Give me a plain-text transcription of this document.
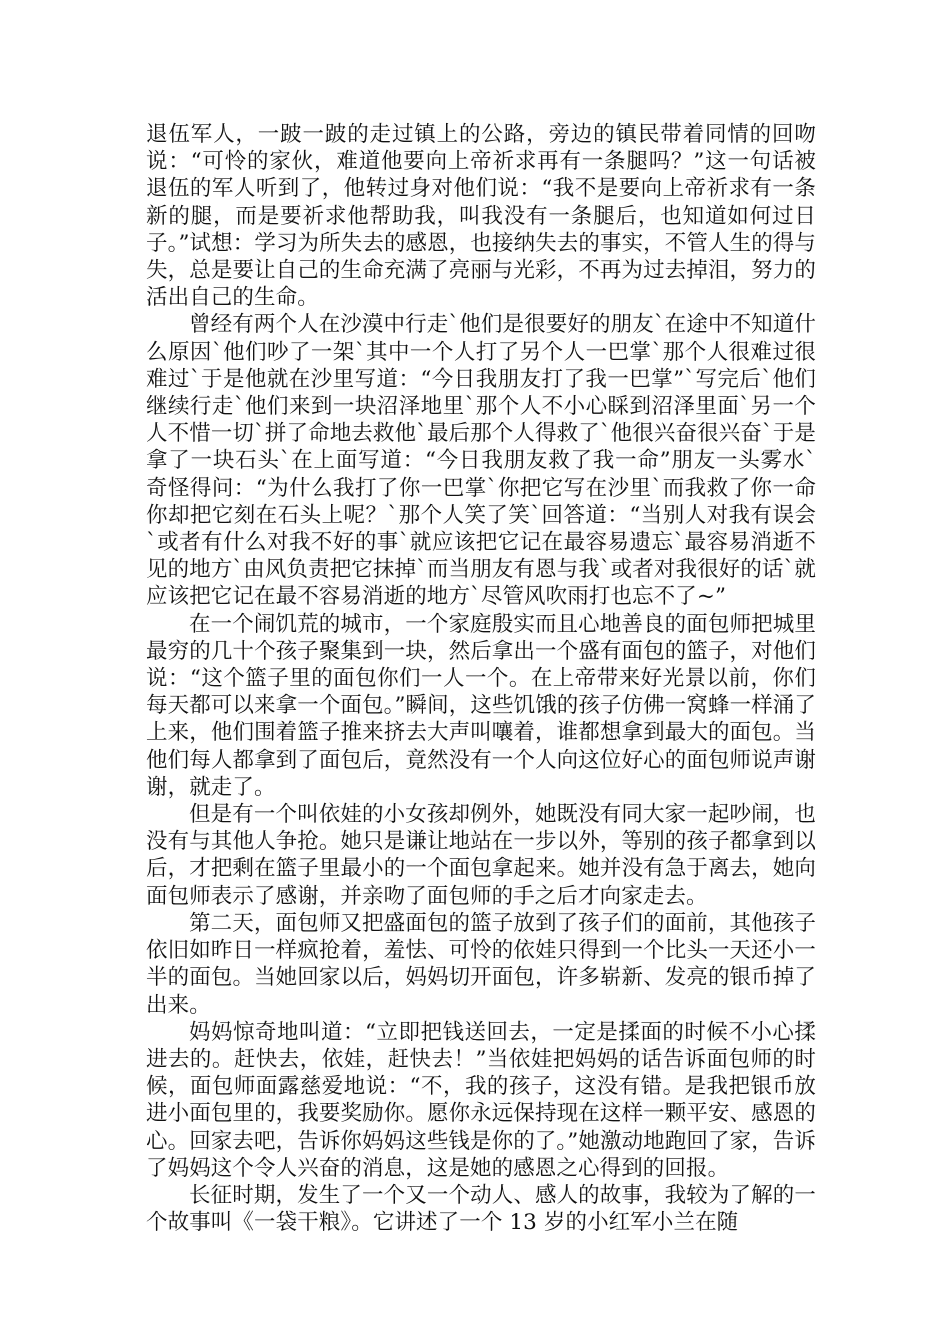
退伍军人，一跛一跛的走过镇上的公路，旁边的镇民带着同情的回吻说：“可怜的家伙，难道他要向上帝祈求再有一条腿吗？”这一句话被退伍的军人听到了，他转过身对他们说：“我不是要向上帝祈求有一条新的腿，而是要祈求他帮助我，叫我没有一条腿后，也知道如何过日子。”试想：学习为所失去的感恩，也接纳失去的事实，不管人生的得与失，总是要让自己的生命充满了亮丽与光彩，不再为过去掉泪，努力的活出自己的生命。

曾经有两个人在沙漠中行走`他们是很要好的朋友`在途中不知道什么原因`他们吵了一架`其中一个人打了另个人一巴掌`那个人很难过很难过`于是他就在沙里写道：“今日我朋友打了我一巴掌”`写完后`他们继续行走`他们来到一块沼泽地里`那个人不小心睬到沼泽里面`另一个人不惜一切`拼了命地去救他`最后那个人得救了`他很兴奋很兴奋`于是拿了一块石头`在上面写道：“今日我朋友救了我一命”朋友一头雾水`奇怪得问：“为什么我打了你一巴掌`你把它写在沙里`而我救了你一命你却把它刻在石头上呢？`那个人笑了笑`回答道：“当别人对我有误会`或者有什么对我不好的事`就应该把它记在最容易遗忘`最容易消逝不见的地方`由风负责把它抹掉`而当朋友有恩与我`或者对我很好的话`就应该把它记在最不容易消逝的地方`尽管风吹雨打也忘不了~”

在一个闹饥荒的城市，一个家庭殷实而且心地善良的面包师把城里最穷的几十个孩子聚集到一块，然后拿出一个盛有面包的篮子，对他们说：“这个篮子里的面包你们一人一个。在上帝带来好光景以前，你们每天都可以来拿一个面包。”瞬间，这些饥饿的孩子仿佛一窝蜂一样涌了上来，他们围着篮子推来挤去大声叫嚷着，谁都想拿到最大的面包。当他们每人都拿到了面包后，竟然没有一个人向这位好心的面包师说声谢谢，就走了。

但是有一个叫依娃的小女孩却例外，她既没有同大家一起吵闹，也没有与其他人争抢。她只是谦让地站在一步以外，等别的孩子都拿到以后，才把剩在篮子里最小的一个面包拿起来。她并没有急于离去，她向面包师表示了感谢，并亲吻了面包师的手之后才向家走去。

第二天，面包师又把盛面包的篮子放到了孩子们的面前，其他孩子依旧如昨日一样疯抢着，羞怯、可怜的依娃只得到一个比头一天还小一半的面包。当她回家以后，妈妈切开面包，许多崭新、发亮的银币掉了出来。

妈妈惊奇地叫道：“立即把钱送回去，一定是揉面的时候不小心揉进去的。赶快去，依娃，赶快去！”当依娃把妈妈的话告诉面包师的时候，面包师面露慈爱地说：“不，我的孩子，这没有错。是我把银币放进小面包里的，我要奖励你。愿你永远保持现在这样一颗平安、感恩的心。回家去吧，告诉你妈妈这些钱是你的了。”她激动地跑回了家，告诉了妈妈这个令人兴奋的消息，这是她的感恩之心得到的回报。

长征时期，发生了一个又一个动人、感人的故事，我较为了解的一个故事叫《一袋干粮》。它讲述了一个 13 岁的小红军小兰在随
